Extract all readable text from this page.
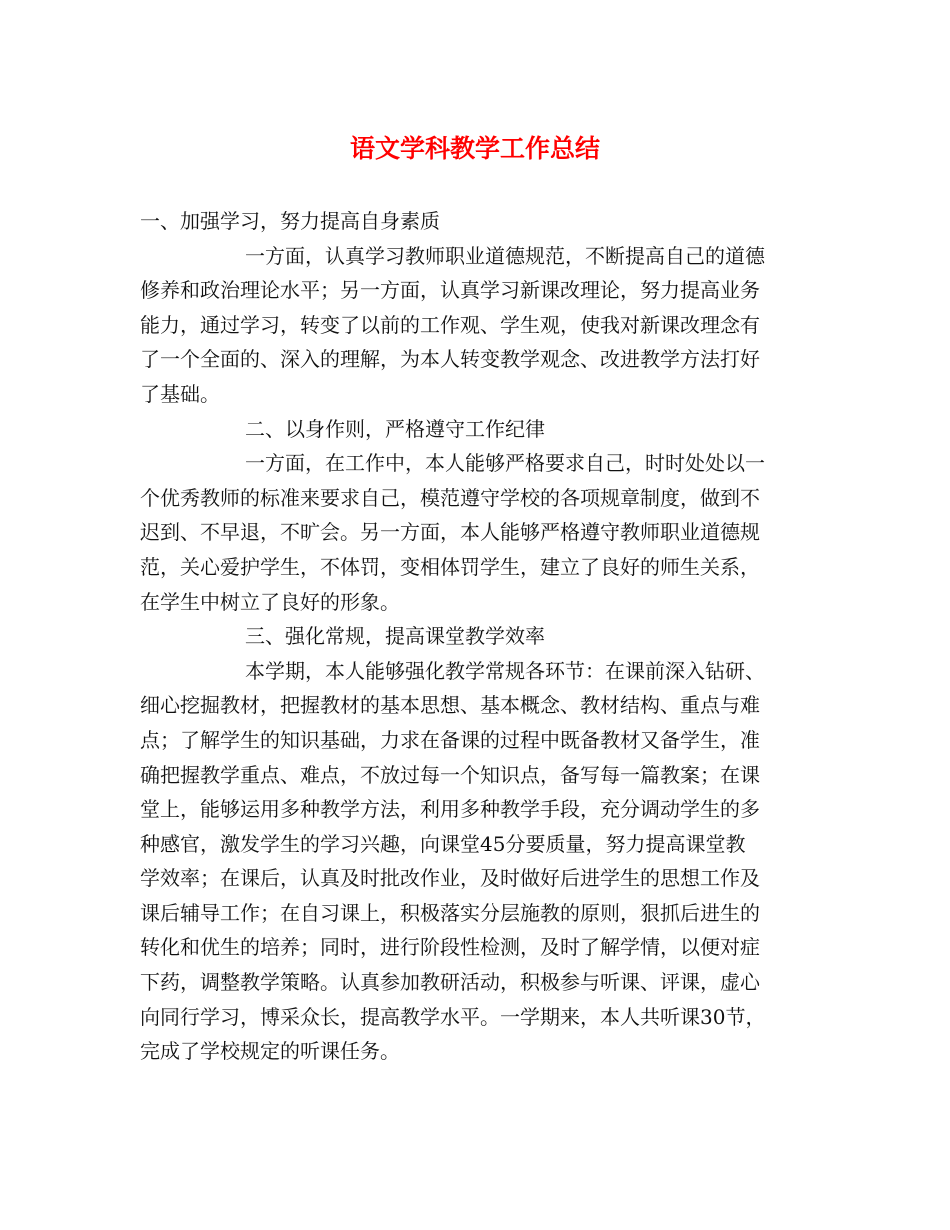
语文学科教学工作总结
一、加强学习，努力提高自身素质
一方面，认真学习教师职业道德规范，不断提高自己的道德
修养和政治理论水平；另一方面，认真学习新课改理论，努力提高业务
能力，通过学习，转变了以前的工作观、学生观，使我对新课改理念有
了一个全面的、深入的理解，为本人转变教学观念、改进教学方法打好
了基础。
二、以身作则，严格遵守工作纪律
一方面，在工作中，本人能够严格要求自己，时时处处以一
个优秀教师的标准来要求自己，模范遵守学校的各项规章制度，做到不
迟到、不早退，不旷会。另一方面，本人能够严格遵守教师职业道德规
范，关心爱护学生，不体罚，变相体罚学生，建立了良好的师生关系，
在学生中树立了良好的形象。
三、强化常规，提高课堂教学效率
本学期，本人能够强化教学常规各环节：在课前深入钻研、
细心挖掘教材，把握教材的基本思想、基本概念、教材结构、重点与难
点；了解学生的知识基础，力求在备课的过程中既备教材又备学生，准
确把握教学重点、难点，不放过每一个知识点，备写每一篇教案；在课
堂上，能够运用多种教学方法，利用多种教学手段，充分调动学生的多
种感官，激发学生的学习兴趣，向课堂45分要质量，努力提高课堂教
学效率；在课后，认真及时批改作业，及时做好后进学生的思想工作及
课后辅导工作；在自习课上，积极落实分层施教的原则，狠抓后进生的
转化和优生的培养；同时，进行阶段性检测，及时了解学情，以便对症
下药，调整教学策略。认真参加教研活动，积极参与听课、评课，虚心
向同行学习，博采众长，提高教学水平。一学期来，本人共听课30节，
完成了学校规定的听课任务。
